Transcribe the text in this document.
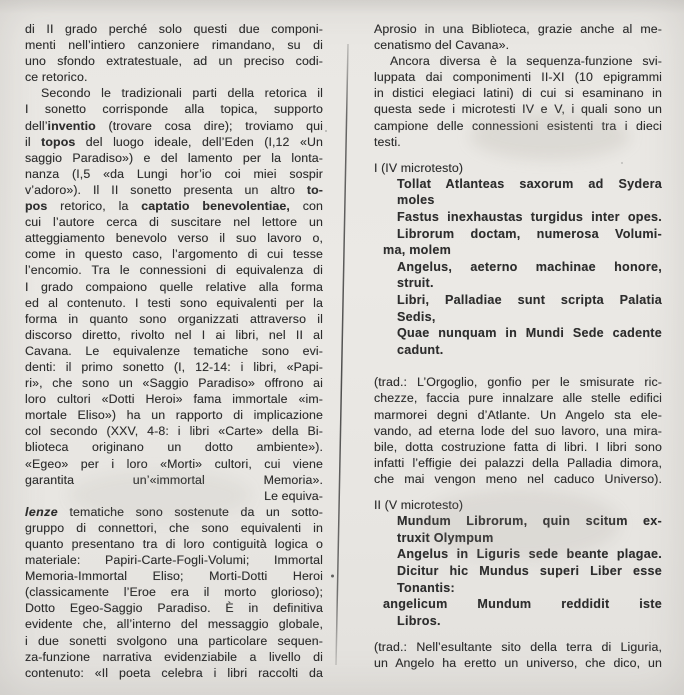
di II grado perché solo questi due componi-
menti nell’intiero canzoniere rimandano, su di
uno sfondo extratestuale, ad un preciso codi-
ce retorico.
Secondo le tradizionali parti della retorica il
I sonetto corrisponde alla topica, supporto
dell’inventio (trovare cosa dire); troviamo qui
il topos del luogo ideale, dell’Eden (I,12 «Un
saggio Paradiso») e del lamento per la lonta-
nanza (I,5 «da Lungi hor’io coi miei sospir
v’adoro»). Il II sonetto presenta un altro to-
pos retorico, la captatio benevolentiae, con
cui l’autore cerca di suscitare nel lettore un
atteggiamento benevolo verso il suo lavoro o,
come in questo caso, l’argomento di cui tesse
l’encomio. Tra le connessioni di equivalenza di
I grado compaiono quelle relative alla forma
ed al contenuto. I testi sono equivalenti per la
forma in quanto sono organizzati attraverso il
discorso diretto, rivolto nel I ai libri, nel II al
Cavana. Le equivalenze tematiche sono evi-
denti: il primo sonetto (I, 12-14: i libri, «Papi-
ri», che sono un «Saggio Paradiso» offrono ai
loro cultori «Dotti Heroi» fama immortale «im-
mortale Eliso») ha un rapporto di implicazione
col secondo (XXV, 4-8: i libri «Carte» della Bi-
blioteca originano un dotto ambiente»).
«Egeo» per i loro «Morti» cultori, cui viene
garantita un’«immortal Memoria».
Le equiva-
lenze tematiche sono sostenute da un sotto-
gruppo di connettori, che sono equivalenti in
quanto presentano tra di loro contiguità logica o
materiale: Papiri-Carte-Fogli-Volumi; Immortal
Memoria-Immortal Eliso; Morti-Dotti Heroi
(classicamente l’Eroe era il morto glorioso);
Dotto Egeo-Saggio Paradiso. È in definitiva
evidente che, all’interno del messaggio globale,
i due sonetti svolgono una particolare sequen-
za-funzione narrativa evidenziabile a livello di
contenuto: «Il poeta celebra i libri raccolti da
Aprosio in una Biblioteca, grazie anche al me-
cenatismo del Cavana».
Ancora diversa è la sequenza-funzione svi-
luppata dai componimenti II-XI (10 epigrammi
in distici elegiaci latini) di cui si esaminano in
questa sede i microtesti IV e V, i quali sono un
campione delle connessioni esistenti tra i dieci
testi.
I (IV microtesto)
Tollat Atlanteas saxorum ad Sydera
moles
Fastus inexhaustas turgidus inter opes.
Librorum doctam, numerosa Volumi-
ma, molem
Angelus, aeterno machinae honore,
struit.
Libri, Palladiae sunt scripta Palatia
Sedis,
Quae nunquam in Mundi Sede cadente
cadunt.
(trad.: L’Orgoglio, gonfio per le smisurate ric-
chezze, faccia pure innalzare alle stelle edifici
marmorei degni d’Atlante. Un Angelo sta ele-
vando, ad eterna lode del suo lavoro, una mira-
bile, dotta costruzione fatta di libri. I libri sono
infatti l’effigie dei palazzi della Palladia dimora,
che mai vengon meno nel caduco Universo).
II (V microtesto)
Mundum Librorum, quin scitum ex-
truxit Olympum
Angelus in Liguris sede beante plagae.
Dicitur hic Mundus superi Liber esse
Tonantis:
angelicum Mundum reddidit iste
Libros.
(trad.: Nell’esultante sito della terra di Liguria,
un Angelo ha eretto un universo, che dico, un
